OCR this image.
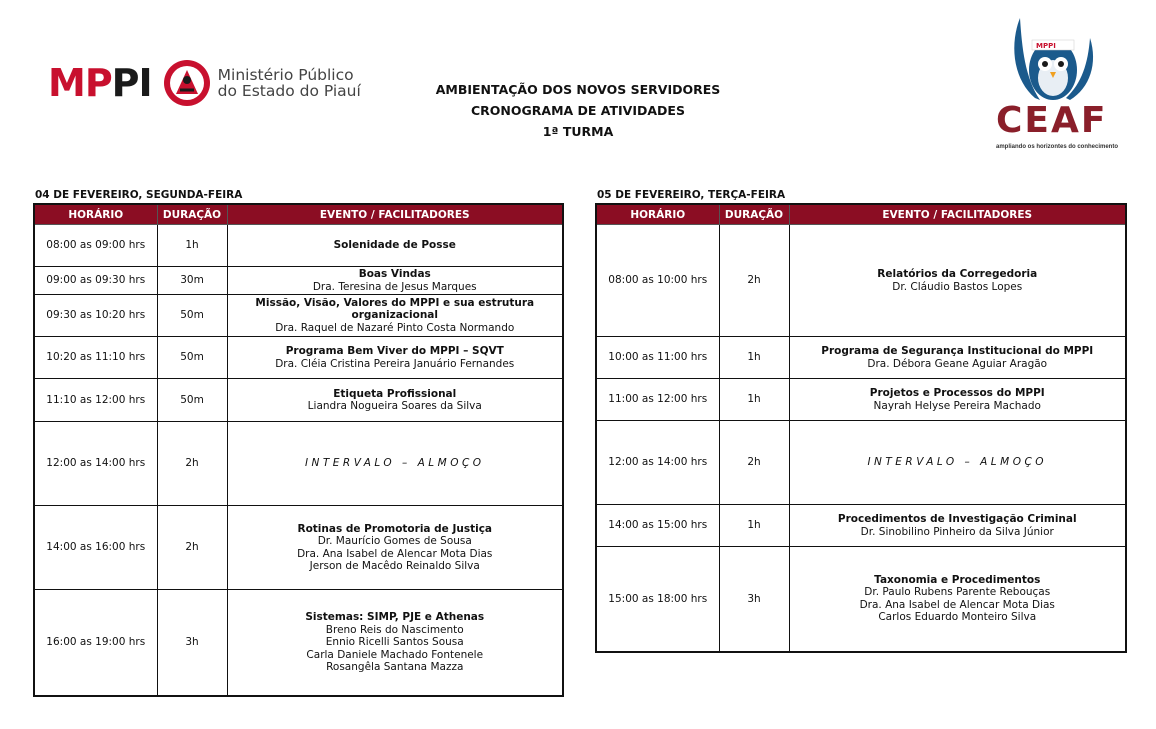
MPPI	Ministério Público
do Estado do Piauí	AMBIENTAÇÃO DOS NOVOS SERVIDORES
CRONOGRAMA DE ATIVIDADES
1ª TURMA
MPPI
CEAF
ampliando os horizontes do conhecimento
04 DE FEVEREIRO, SEGUNDA-FEIRA
HORÁRIO	DURAÇÃO	EVENTO / FACILITADORES
08:00 as 09:00 hrs	1h	Solenidade de Posse

09:00 as 09:30 hrs	30m	Boas Vindas
Dra. Teresina de Jesus Marques

09:30 as 10:20 hrs	50m	Missão, Visão, Valores do MPPI e sua estrutura organizacional
Dra. Raquel de Nazaré Pinto Costa Normando

10:20 as 11:10 hrs	50m	Programa Bem Viver do MPPI – SQVT
Dra. Cléia Cristina Pereira Januário Fernandes

11:10 as 12:00 hrs	50m	Etiqueta Profissional
Liandra Nogueira Soares da Silva

12:00 as 14:00 hrs	2h	INTERVALO – ALMOÇO

14:00 as 16:00 hrs	2h	Rotinas de Promotoria de Justiça
Dr. Maurício Gomes de Sousa
Dra. Ana Isabel de Alencar Mota Dias
Jerson de Macêdo Reinaldo Silva

16:00 as 19:00 hrs	3h	Sistemas: SIMP, PJE e Athenas
Breno Reis do Nascimento
Ennio Ricelli Santos Sousa
Carla Daniele Machado Fontenele
Rosangêla Santana Mazza
05 DE FEVEREIRO, TERÇA-FEIRA
HORÁRIO	DURAÇÃO	EVENTO / FACILITADORES
08:00 as 10:00 hrs	2h	Relatórios da Corregedoria
Dr. Cláudio Bastos Lopes

10:00 as 11:00 hrs	1h	Programa de Segurança Institucional do MPPI
Dra. Débora Geane Aguiar Aragão

11:00 as 12:00 hrs	1h	Projetos e Processos do MPPI
Nayrah Helyse Pereira Machado

12:00 as 14:00 hrs	2h	INTERVALO – ALMOÇO

14:00 as 15:00 hrs	1h	Procedimentos de Investigação Criminal
Dr. Sinobilino Pinheiro da Silva Júnior

15:00 as 18:00 hrs	3h	Taxonomia e Procedimentos
Dr. Paulo Rubens Parente Rebouças
Dra. Ana Isabel de Alencar Mota Dias
Carlos Eduardo Monteiro Silva
